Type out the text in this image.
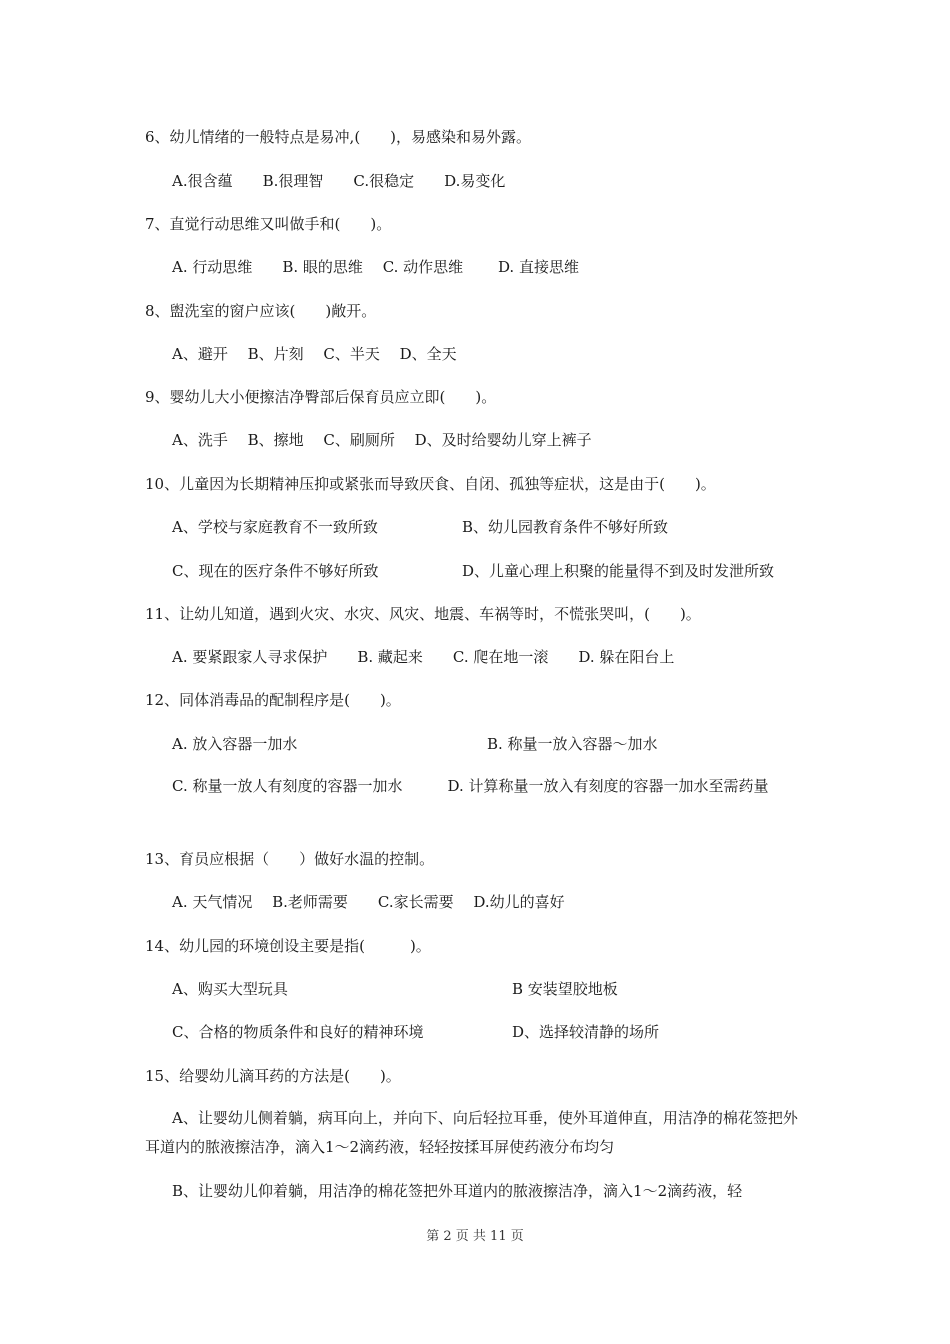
6、幼儿情绪的一般特点是易冲,(　　)，易感染和易外露。
A.很含蕴　　B.很理智　　C.很稳定　　D.易变化
7、直觉行动思维又叫做手和(　　)。
A. 行动思维　　B. 眼的思维　 C. 动作思维　　 D. 直接思维
8、盥洗室的窗户应该(　　)敞开。
A、避开　 B、片刻　 C、半天　 D、全天
9、婴幼儿大小便擦洁净臀部后保育员应立即(　　)。
A、洗手　 B、擦地　 C、刷厕所　 D、及时给婴幼儿穿上裤子
10、儿童因为长期精神压抑或紧张而导致厌食、自闭、孤独等症状，这是由于(　　)。
A、学校与家庭教育不一致所致	B、幼儿园教育条件不够好所致
C、现在的医疗条件不够好所致	D、儿童心理上积聚的能量得不到及时发泄所致
11、让幼儿知道，遇到火灾、水灾、风灾、地震、车祸等时，不慌张哭叫，(　　)。
A. 要紧跟家人寻求保护　　B. 藏起来　　C. 爬在地一滚　　D. 躲在阳台上
12、同体消毒品的配制程序是(　　)。
A. 放入容器一加水	B. 称量一放入容器～加水
C. 称量一放人有刻度的容器一加水　　　D. 计算称量一放入有刻度的容器一加水至需药量
13、育员应根据（　　）做好水温的控制。
A. 天气情况　 B.老师需要　　C.家长需要　 D.幼儿的喜好
14、幼儿园的环境创设主要是指(　　　)。
A、购买大型玩具	B 安装望胶地板
C、合格的物质条件和良好的精神环境	D、选择较清静的场所
15、给婴幼儿滴耳药的方法是(　　)。
A、让婴幼儿侧着躺，病耳向上，并向下、向后轻拉耳垂，使外耳道伸直，用洁净的棉花签把外耳道内的脓液擦洁净，滴入1～2滴药液，轻轻按揉耳屏使药液分布均匀
B、让婴幼儿仰着躺，用洁净的棉花签把外耳道内的脓液擦洁净，滴入1～2滴药液，轻
第 2 页 共 11 页
